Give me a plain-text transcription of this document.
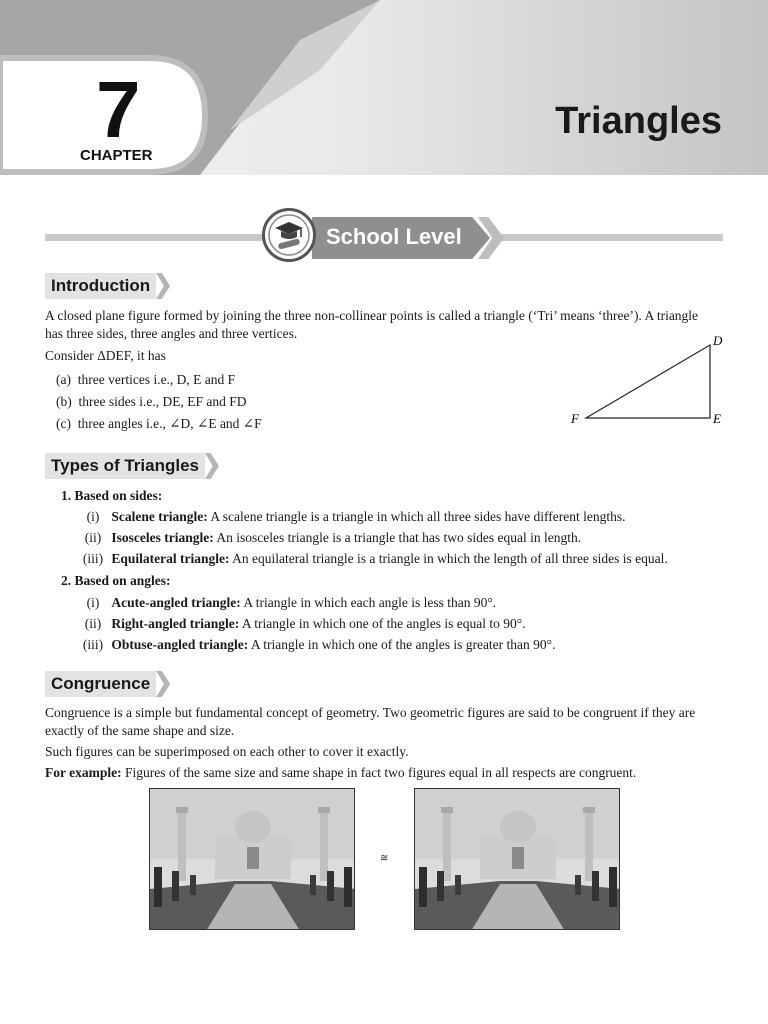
7
CHAPTER
Triangles
School Level
Introduction
A closed plane figure formed by joining the three non-collinear points is called a triangle (‘Tri’ means ‘three’). A triangle
has three sides, three angles and three vertices.
Consider ΔDEF, it has
(a) three vertices i.e., D, E and F
(b) three sides i.e., DE, EF and FD
(c) three angles i.e., ∠D, ∠E and ∠F
D
E
F
Types of Triangles
1. Based on sides:
(i) Scalene triangle: A scalene triangle is a triangle in which all three sides have different lengths.
(ii) Isosceles triangle: An isosceles triangle is a triangle that has two sides equal in length.
(iii) Equilateral triangle: An equilateral triangle is a triangle in which the length of all three sides is equal.
2. Based on angles:
(i) Acute-angled triangle: A triangle in which each angle is less than 90°.
(ii) Right-angled triangle: A triangle in which one of the angles is equal to 90°.
(iii) Obtuse-angled triangle: A triangle in which one of the angles is greater than 90°.
Congruence
Congruence is a simple but fundamental concept of geometry. Two geometric figures are said to be congruent if they are
exactly of the same shape and size.
Such figures can be superimposed on each other to cover it exactly.
For example: Figures of the same size and same shape in fact two figures equal in all respects are congruent.
≅
